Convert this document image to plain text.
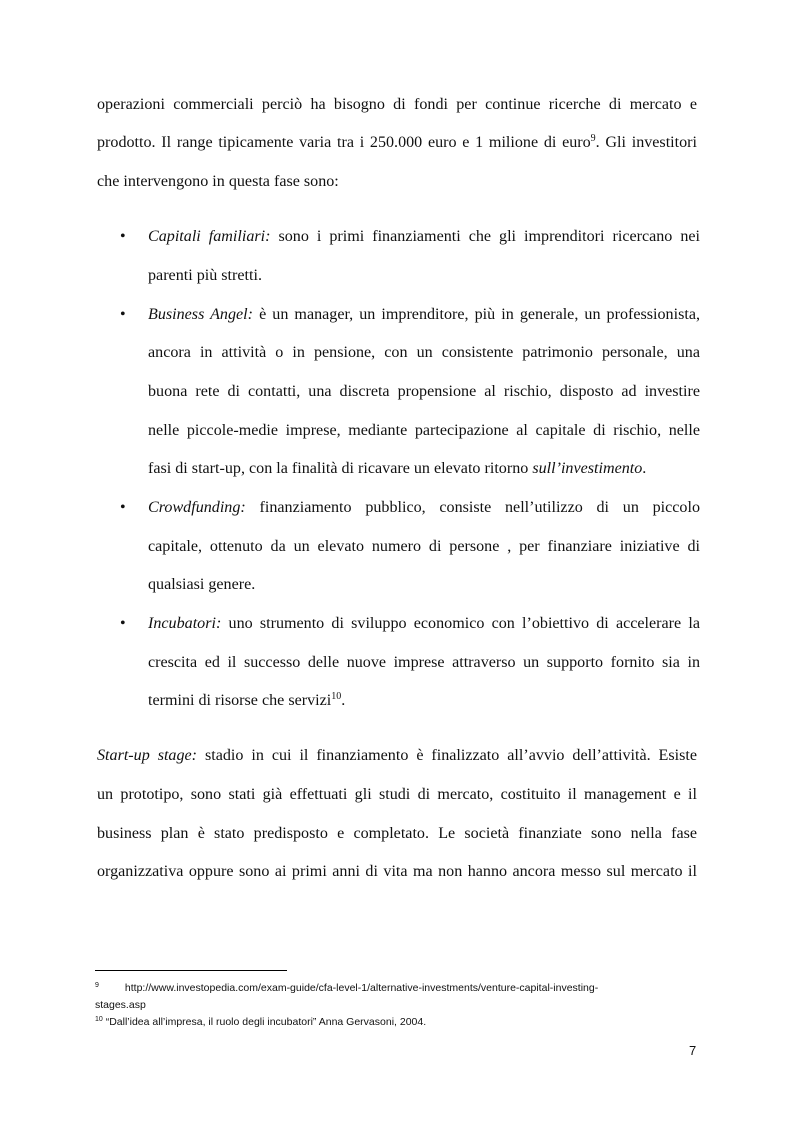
operazioni commerciali perciò ha bisogno di fondi per continue ricerche di mercato e
prodotto. Il range tipicamente varia tra i 250.000 euro e 1 milione di euro$^9$. Gli investitori
che intervengono in questa fase sono:
• Capitali familiari: sono i primi finanziamenti che gli imprenditori ricercano nei
parenti più stretti.
• Business Angel: è un manager, un imprenditore, più in generale, un professionista,
ancora in attività o in pensione, con un consistente patrimonio personale, una
buona rete di contatti, una discreta propensione al rischio, disposto ad investire
nelle piccole-medie imprese, mediante partecipazione al capitale di rischio, nelle
fasi di start-up, con la finalità di ricavare un elevato ritorno sull’investimento.
• Crowdfunding: finanziamento pubblico, consiste nell’utilizzo di un piccolo
capitale, ottenuto da un elevato numero di persone , per finanziare iniziative di
qualsiasi genere.
• Incubatori: uno strumento di sviluppo economico con l’obiettivo di accelerare la
crescita ed il successo delle nuove imprese attraverso un supporto fornito sia in
termini di risorse che servizi$^{10}$.
Start-up stage: stadio in cui il finanziamento è finalizzato all’avvio dell’attività. Esiste
un prototipo, sono stati già effettuati gli studi di mercato, costituito il management e il
business plan è stato predisposto e completato. Le società finanziate sono nella fase
organizzativa oppure sono ai primi anni di vita ma non hanno ancora messo sul mercato il
$^9$ http://www.investopedia.com/exam-guide/cfa-level-1/alternative-investments/venture-capital-investing-
stages.asp
$^{10}$ “Dall’idea all’impresa, il ruolo degli incubatori” Anna Gervasoni, 2004.
7
